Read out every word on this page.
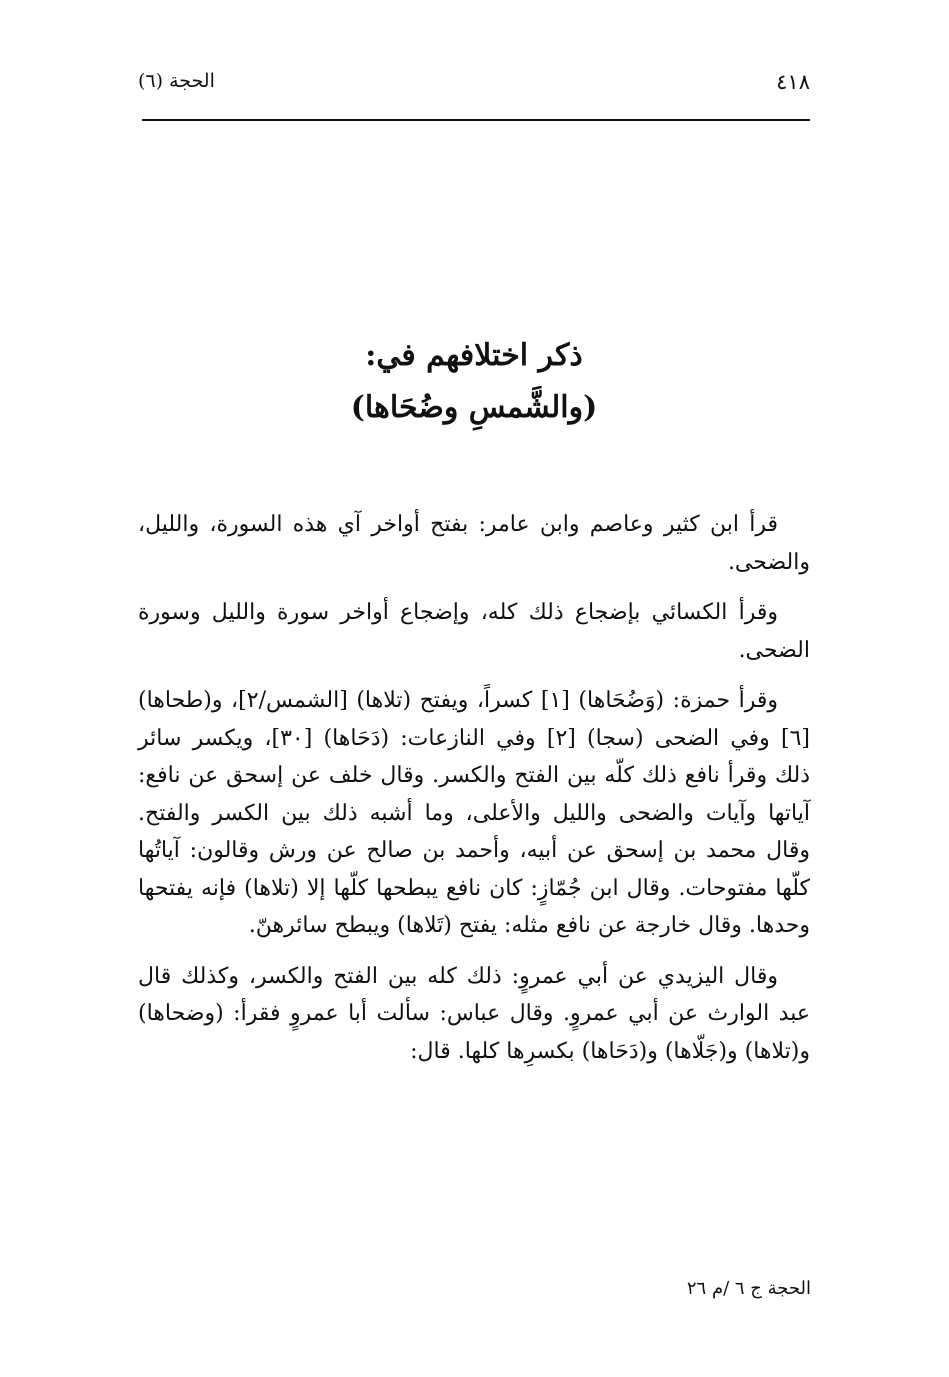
٤١٨
الحجة (٦)
ذكر اختلافهم في:
(والشَّمسِ وضُحَاها)

قرأ ابن كثير وعاصم وابن عامر: بفتح أواخر آي هذه السورة، والليل، والضحى.

وقرأ الكسائي بإضجاع ذلك كله، وإضجاع أواخر سورة والليل وسورة الضحى.

وقرأ حمزة: (وَضُحَاها) [١] كسراً، ويفتح (تلاها) [الشمس/٢]، و(طحاها) [٦] وفي الضحى (سجا) [٢] وفي النازعات: (دَحَاها) [٣٠]، ويكسر سائر ذلك وقرأ نافع ذلك كلّه بين الفتح والكسر. وقال خلف عن إسحق عن نافع: آياتها وآيات والضحى والليل والأعلى، وما أشبه ذلك بين الكسر والفتح. وقال محمد بن إسحق عن أبيه، وأحمد بن صالح عن ورش وقالون: آياتُها كلّها مفتوحات. وقال ابن جُمّازٍ: كان نافع يبطحها كلّها إلا (تلاها) فإنه يفتحها وحدها. وقال خارجة عن نافع مثله: يفتح (تَلاها) ويبطح سائرهنّ.

وقال اليزيدي عن أبي عمروٍ: ذلك كله بين الفتح والكسر، وكذلك قال عبد الوارث عن أبي عمروٍ. وقال عباس: سألت أبا عمروٍ فقرأ: (وضحاها) و(تلاها) و(جَلّاها) و(دَحَاها) بكسرِها كلها. قال:

الحجة ج ٦ /م ٢٦
